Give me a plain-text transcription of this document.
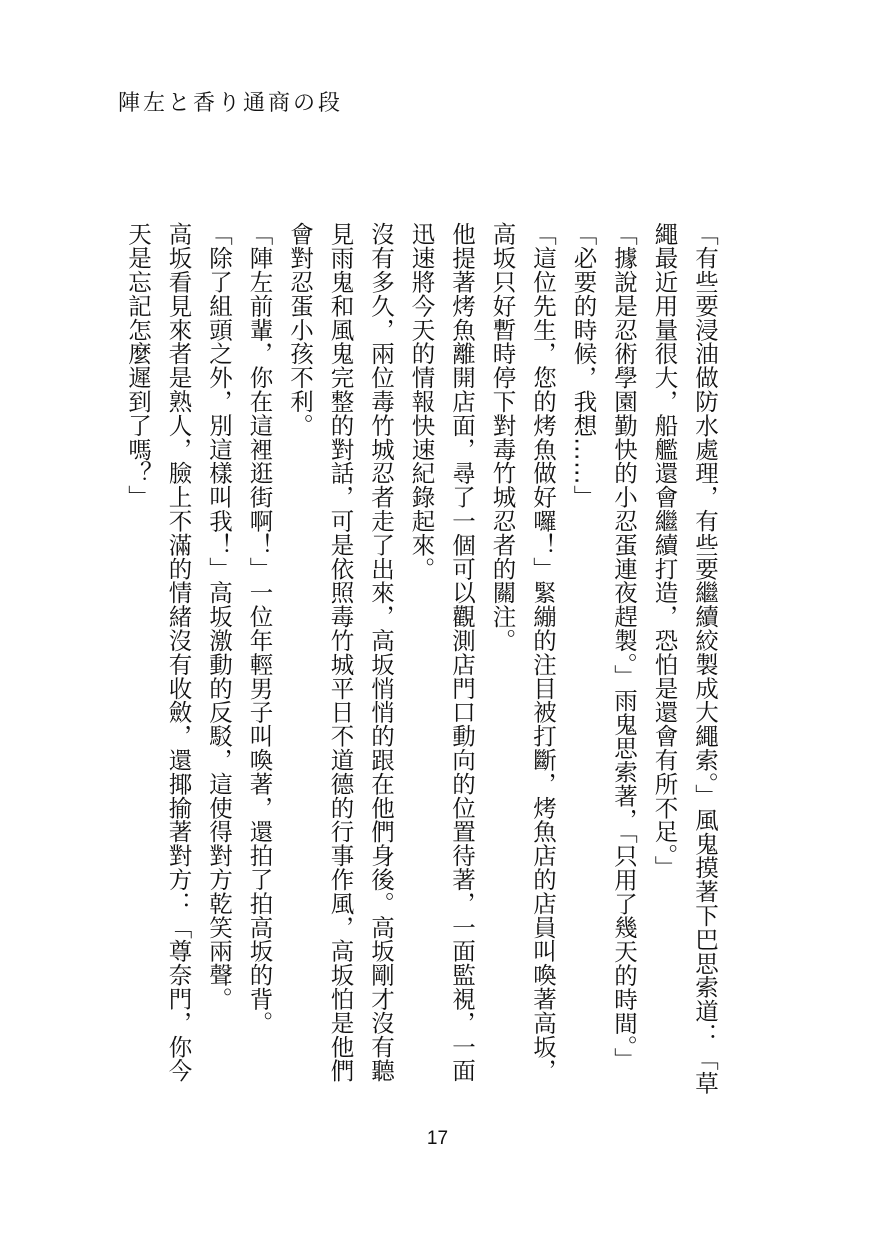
陣左と香り通商の段

「有些要浸油做防水處理，有些要繼續絞製成大繩索。」風鬼摸著下巴思索道：「草繩最近用量很大，船艦還會繼續打造，恐怕是還會有所不足。」

「據說是忍術學園勤快的小忍蛋連夜趕製。」雨鬼思索著，「只用了幾天的時間。」

「必要的時候，我想……」

「這位先生，您的烤魚做好囉！」緊繃的注目被打斷，烤魚店的店員叫喚著高坂，高坂只好暫時停下對毒竹城忍者的關注。

他提著烤魚離開店面，尋了一個可以觀測店門口動向的位置待著，一面監視，一面迅速將今天的情報快速紀錄起來。

沒有多久，兩位毒竹城忍者走了出來，高坂悄悄的跟在他們身後。高坂剛才沒有聽見雨鬼和風鬼完整的對話，可是依照毒竹城平日不道德的行事作風，高坂怕是他們會對忍蛋小孩不利。

「陣左前輩，你在這裡逛街啊！」一位年輕男子叫喚著，還拍了拍高坂的背。

「除了組頭之外，別這樣叫我！」高坂激動的反駁，這使得對方乾笑兩聲。

高坂看見來者是熟人，臉上不滿的情緒沒有收斂，還揶揄著對方：「尊奈門，你今天是忘記怎麼遲到了嗎？」

17
